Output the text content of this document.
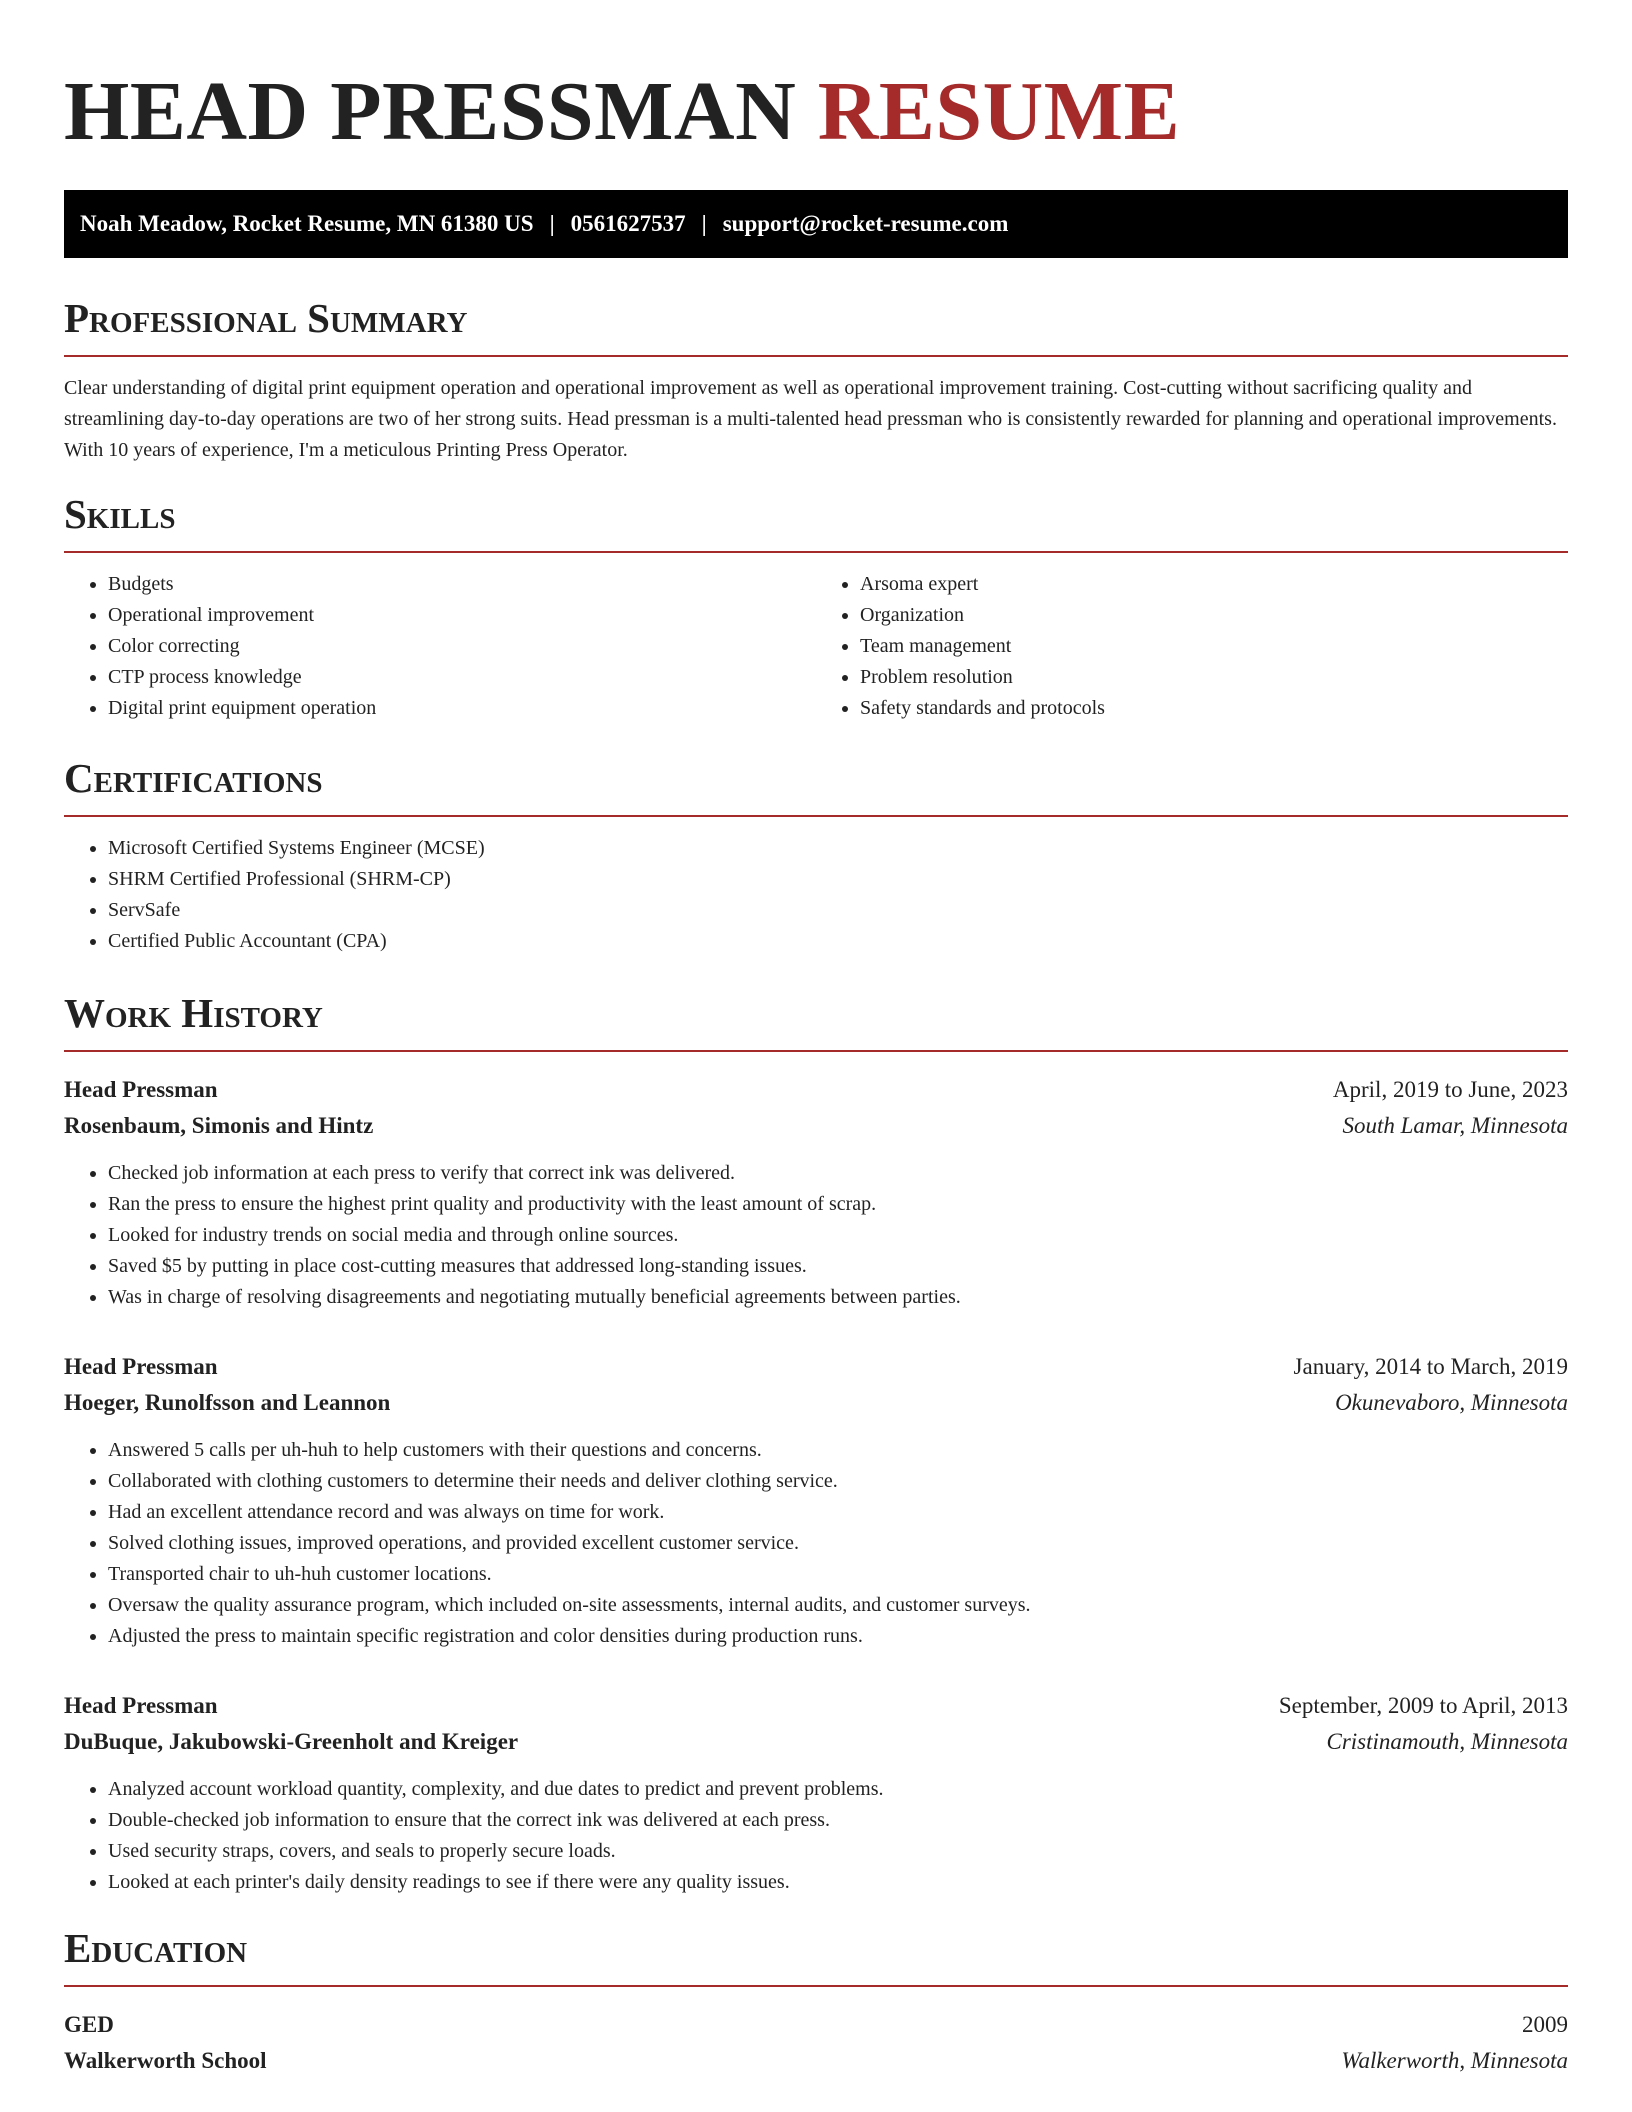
HEAD PRESSMAN RESUME
Noah Meadow, Rocket Resume, MN 61380 US | 0561627537 | support@rocket-resume.com
Professional Summary

Clear understanding of digital print equipment operation and operational improvement as well as operational improvement training. Cost-cutting without sacrificing quality and streamlining day-to-day operations are two of her strong suits. Head pressman is a multi-talented head pressman who is consistently rewarded for planning and operational improvements. With 10 years of experience, I'm a meticulous Printing Press Operator.

Skills
• Budgets
• Operational improvement
• Color correcting
• CTP process knowledge
• Digital print equipment operation
• Arsoma expert
• Organization
• Team management
• Problem resolution
• Safety standards and protocols
Certifications
• Microsoft Certified Systems Engineer (MCSE)
• SHRM Certified Professional (SHRM-CP)
• ServSafe
• Certified Public Accountant (CPA)
Work History
Head Pressman	April, 2019 to June, 2023
Rosenbaum, Simonis and Hintz	South Lamar, Minnesota
• Checked job information at each press to verify that correct ink was delivered.
• Ran the press to ensure the highest print quality and productivity with the least amount of scrap.
• Looked for industry trends on social media and through online sources.
• Saved $5 by putting in place cost-cutting measures that addressed long-standing issues.
• Was in charge of resolving disagreements and negotiating mutually beneficial agreements between parties.
Head Pressman	January, 2014 to March, 2019
Hoeger, Runolfsson and Leannon	Okunevaboro, Minnesota
• Answered 5 calls per uh-huh to help customers with their questions and concerns.
• Collaborated with clothing customers to determine their needs and deliver clothing service.
• Had an excellent attendance record and was always on time for work.
• Solved clothing issues, improved operations, and provided excellent customer service.
• Transported chair to uh-huh customer locations.
• Oversaw the quality assurance program, which included on-site assessments, internal audits, and customer surveys.
• Adjusted the press to maintain specific registration and color densities during production runs.
Head Pressman	September, 2009 to April, 2013
DuBuque, Jakubowski-Greenholt and Kreiger	Cristinamouth, Minnesota
• Analyzed account workload quantity, complexity, and due dates to predict and prevent problems.
• Double-checked job information to ensure that the correct ink was delivered at each press.
• Used security straps, covers, and seals to properly secure loads.
• Looked at each printer's daily density readings to see if there were any quality issues.
Education
GED	2009
Walkerworth School	Walkerworth, Minnesota
